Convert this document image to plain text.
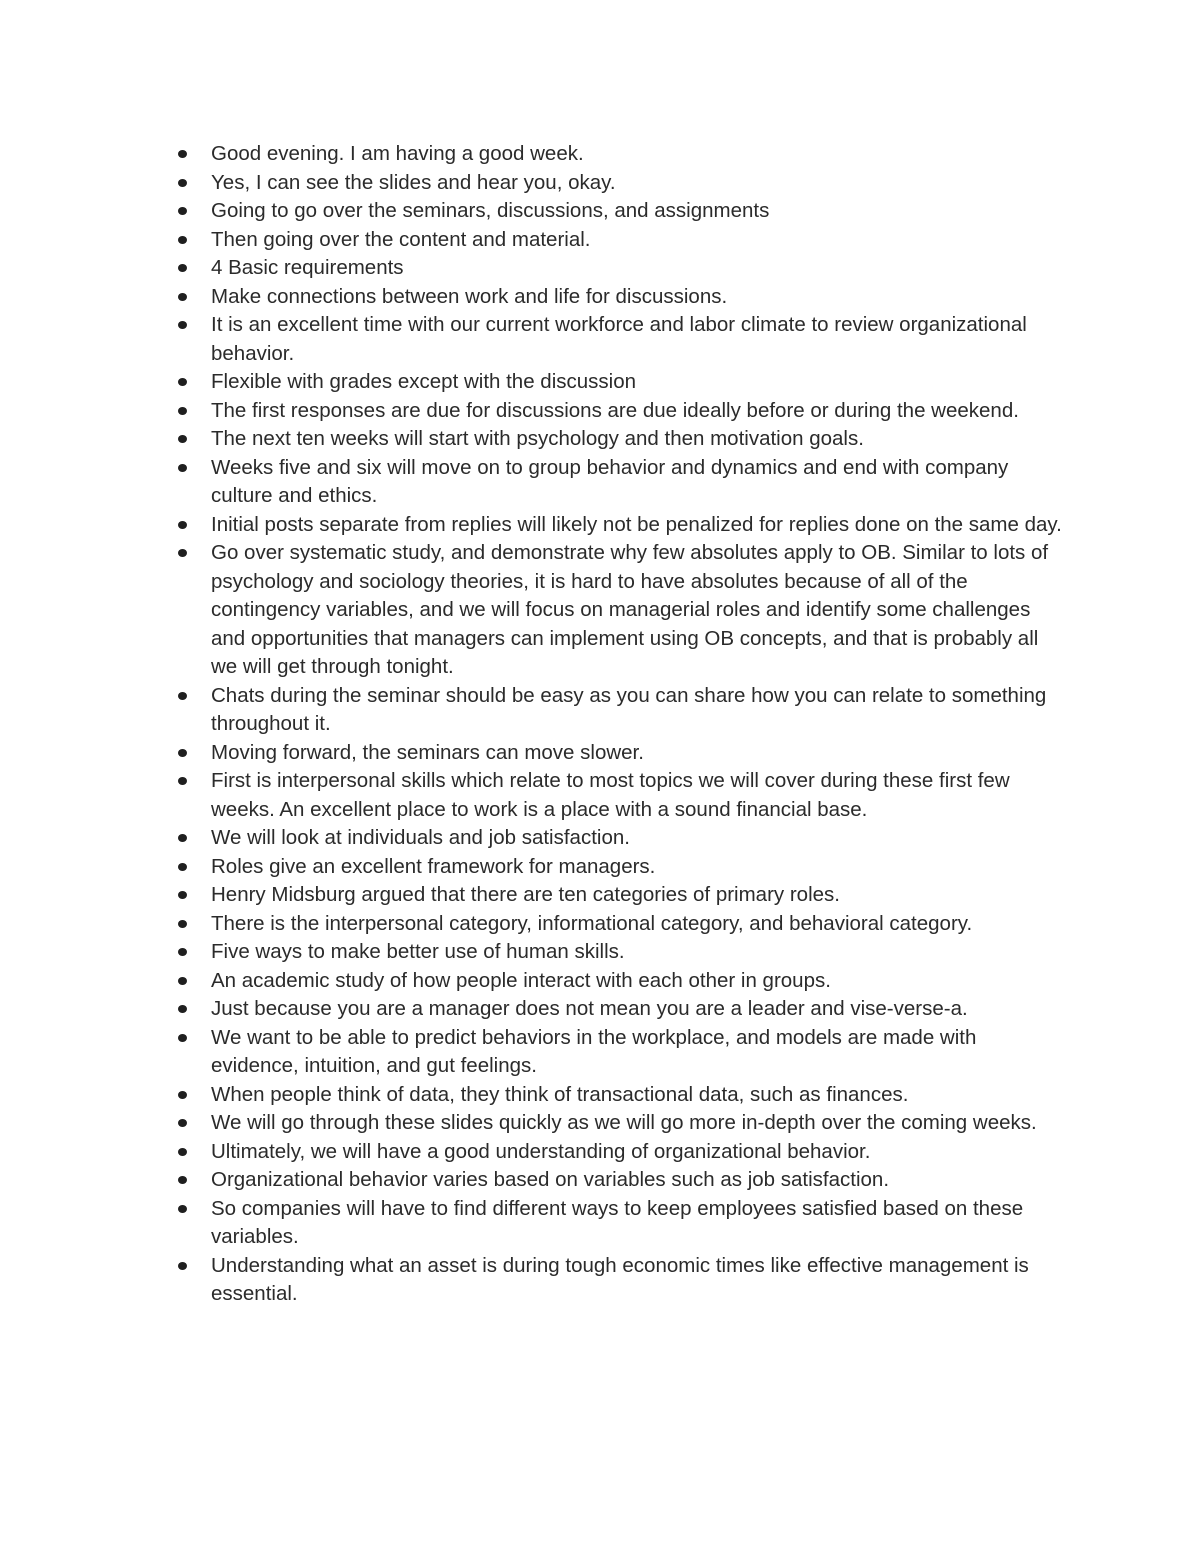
Good evening. I am having a good week.
Yes, I can see the slides and hear you, okay.
Going to go over the seminars, discussions, and assignments
Then going over the content and material.
4 Basic requirements
Make connections between work and life for discussions.
It is an excellent time with our current workforce and labor climate to review organizational behavior.
Flexible with grades except with the discussion
The first responses are due for discussions are due ideally before or during the weekend.
The next ten weeks will start with psychology and then motivation goals.
Weeks five and six will move on to group behavior and dynamics and end with company culture and ethics.
Initial posts separate from replies will likely not be penalized for replies done on the same day.
Go over systematic study, and demonstrate why few absolutes apply to OB. Similar to lots of psychology and sociology theories, it is hard to have absolutes because of all of the contingency variables, and we will focus on managerial roles and identify some challenges and opportunities that managers can implement using OB concepts, and that is probably all we will get through tonight.
Chats during the seminar should be easy as you can share how you can relate to something throughout it.
Moving forward, the seminars can move slower.
First is interpersonal skills which relate to most topics we will cover during these first few weeks. An excellent place to work is a place with a sound financial base.
We will look at individuals and job satisfaction.
Roles give an excellent framework for managers.
Henry Midsburg argued that there are ten categories of primary roles.
There is the interpersonal category, informational category, and behavioral category.
Five ways to make better use of human skills.
An academic study of how people interact with each other in groups.
Just because you are a manager does not mean you are a leader and vise-verse-a.
We want to be able to predict behaviors in the workplace, and models are made with evidence, intuition, and gut feelings.
When people think of data, they think of transactional data, such as finances.
We will go through these slides quickly as we will go more in-depth over the coming weeks.
Ultimately, we will have a good understanding of organizational behavior.
Organizational behavior varies based on variables such as job satisfaction.
So companies will have to find different ways to keep employees satisfied based on these variables.
Understanding what an asset is during tough economic times like effective management is essential.
